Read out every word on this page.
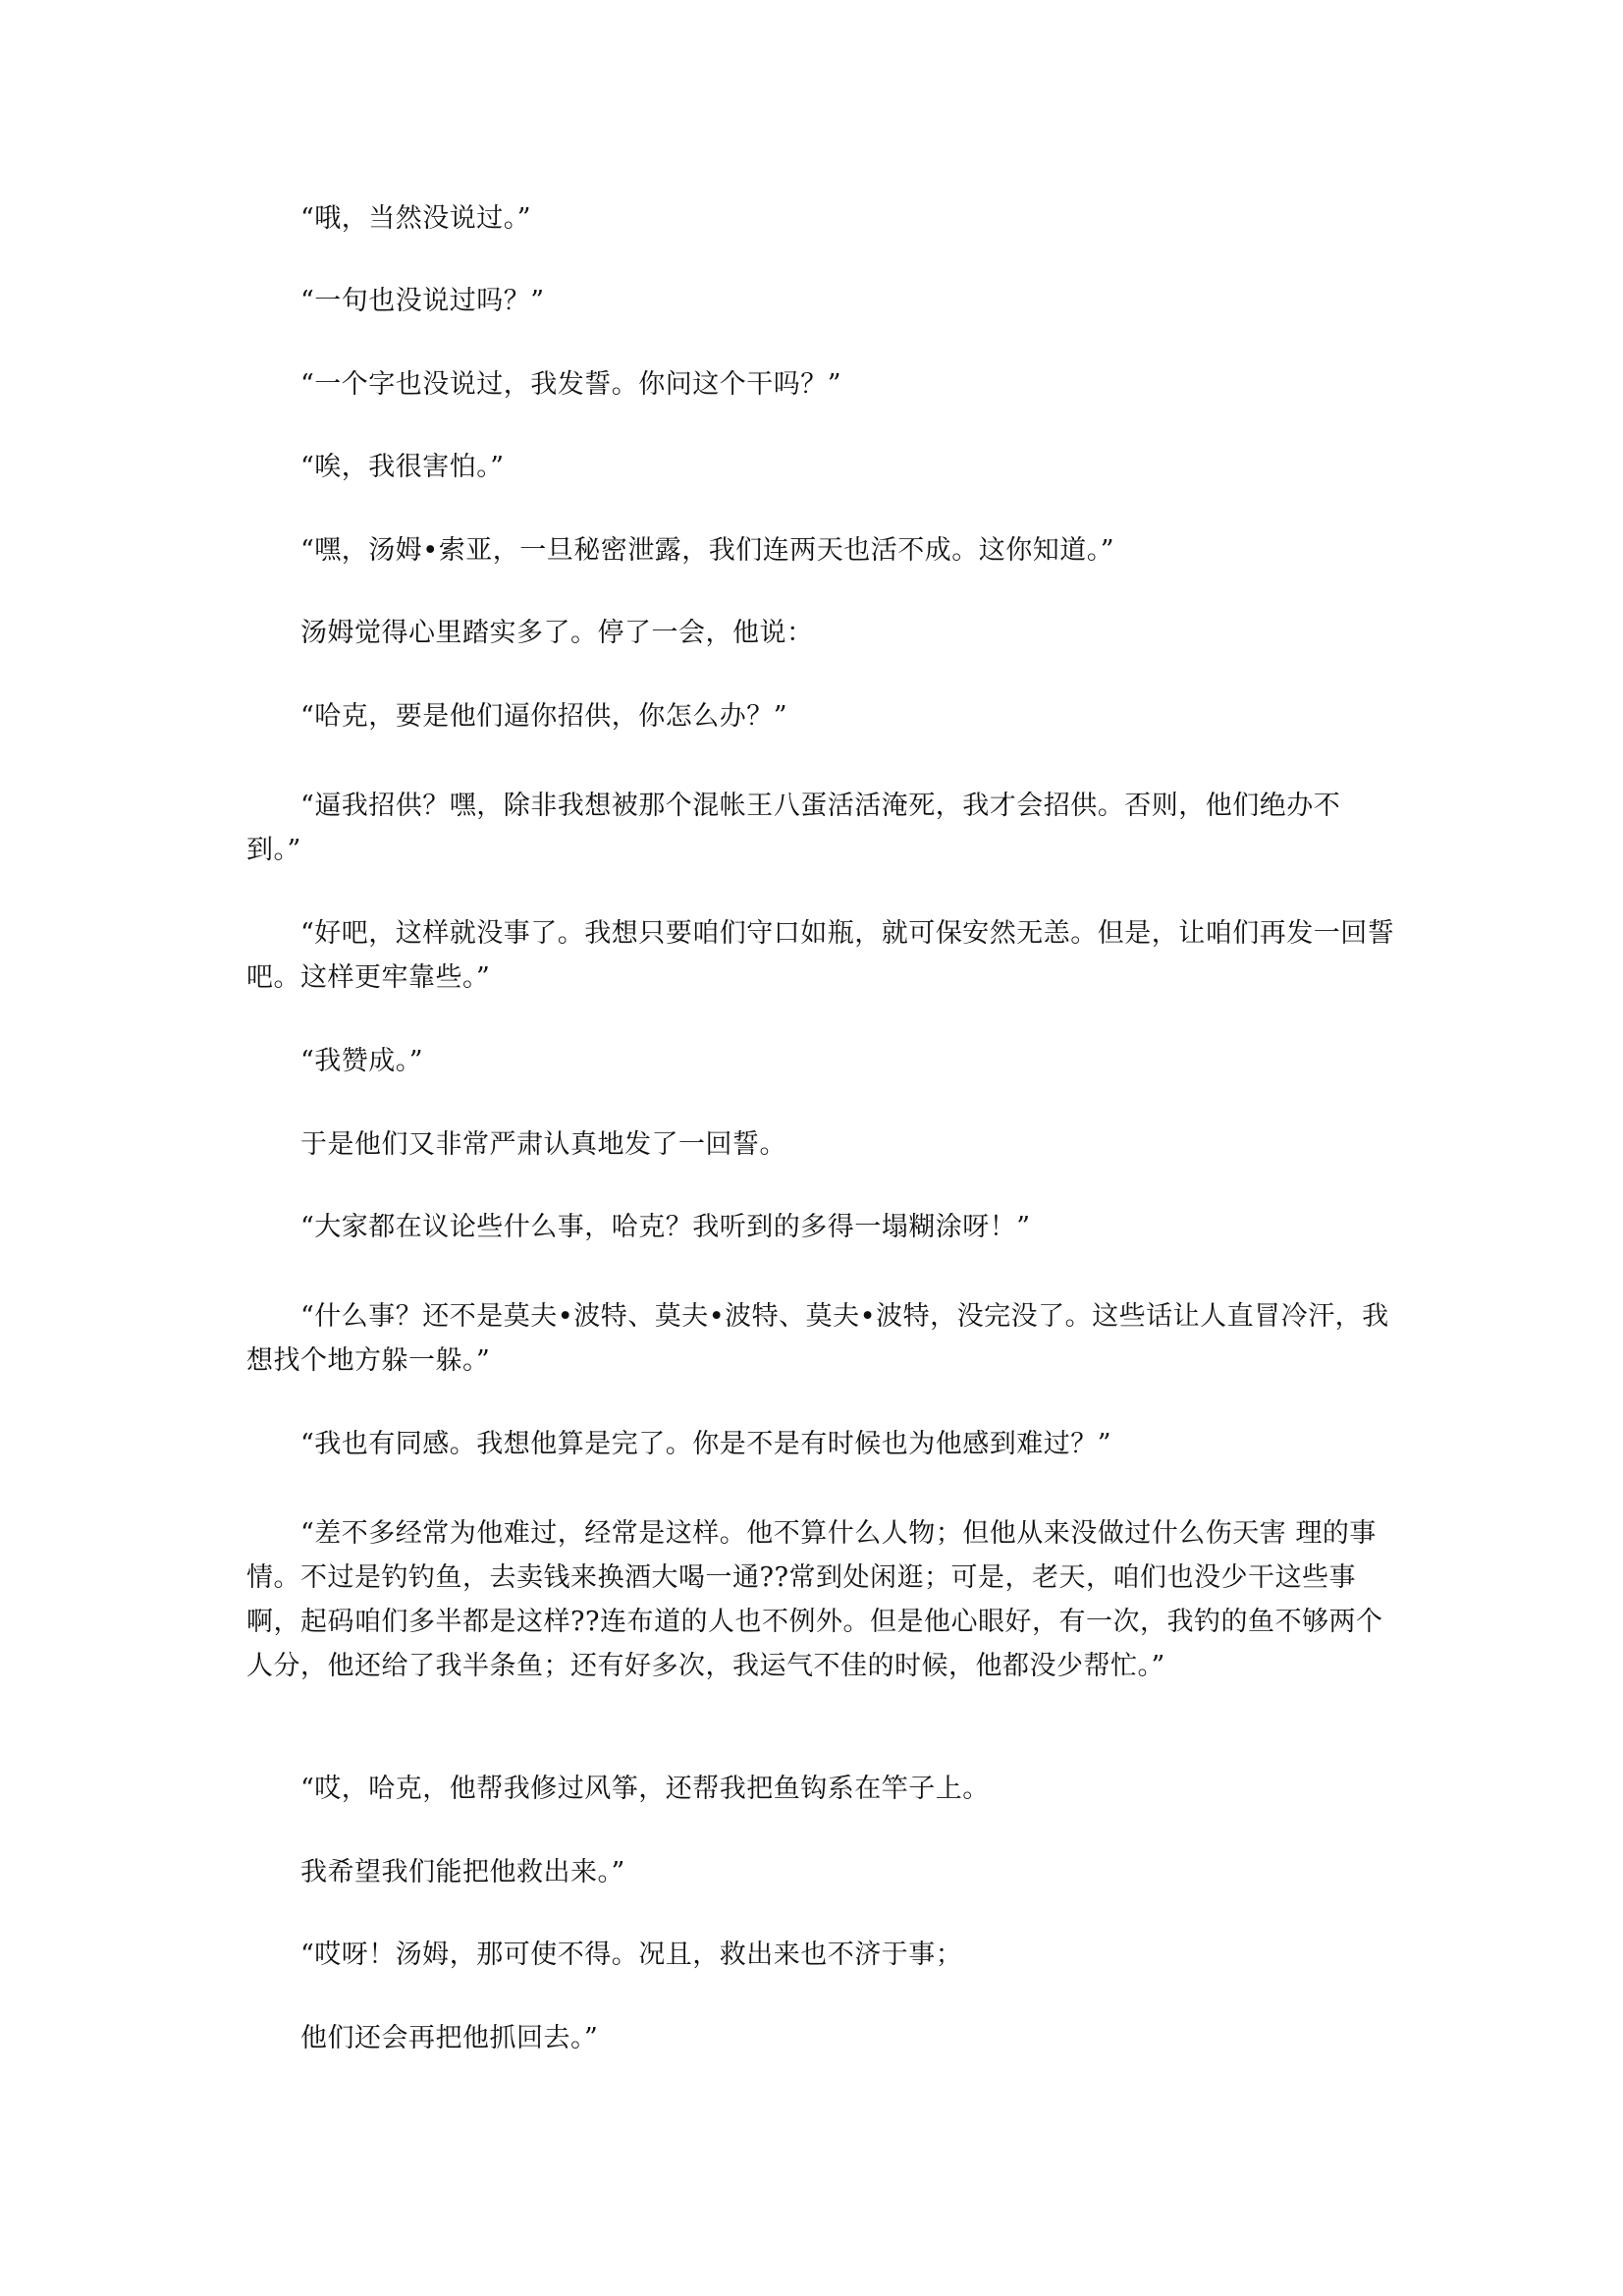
“哦，当然没说过。”

“一句也没说过吗？”

“一个字也没说过，我发誓。你问这个干吗？”

“唉，我很害怕。”

“嘿，汤姆•索亚，一旦秘密泄露，我们连两天也活不成。这你知道。”

汤姆觉得心里踏实多了。停了一会，他说：

“哈克，要是他们逼你招供，你怎么办？”

“逼我招供？嘿，除非我想被那个混帐王八蛋活活淹死，我才会招供。否则，他们绝办不到。”

“好吧，这样就没事了。我想只要咱们守口如瓶，就可保安然无恙。但是，让咱们再发一回誓吧。这样更牢靠些。”

“我赞成。”

于是他们又非常严肃认真地发了一回誓。

“大家都在议论些什么事，哈克？我听到的多得一塌糊涂呀！”

“什么事？还不是莫夫•波特、莫夫•波特、莫夫•波特，没完没了。这些话让人直冒冷汗，我想找个地方躲一躲。”

“我也有同感。我想他算是完了。你是不是有时候也为他感到难过？”

“差不多经常为他难过，经常是这样。他不算什么人物；但他从来没做过什么伤天害 理的事情。不过是钓钓鱼，去卖钱来换酒大喝一通??常到处闲逛；可是，老天，咱们也没少干这些事啊，起码咱们多半都是这样??连布道的人也不例外。但是他心眼好，有一次，我钓的鱼不够两个人分，他还给了我半条鱼；还有好多次，我运气不佳的时候，他都没少帮忙。”

“哎，哈克，他帮我修过风筝，还帮我把鱼钩系在竿子上。

我希望我们能把他救出来。”

“哎呀！汤姆，那可使不得。况且，救出来也不济于事；

他们还会再把他抓回去。”
